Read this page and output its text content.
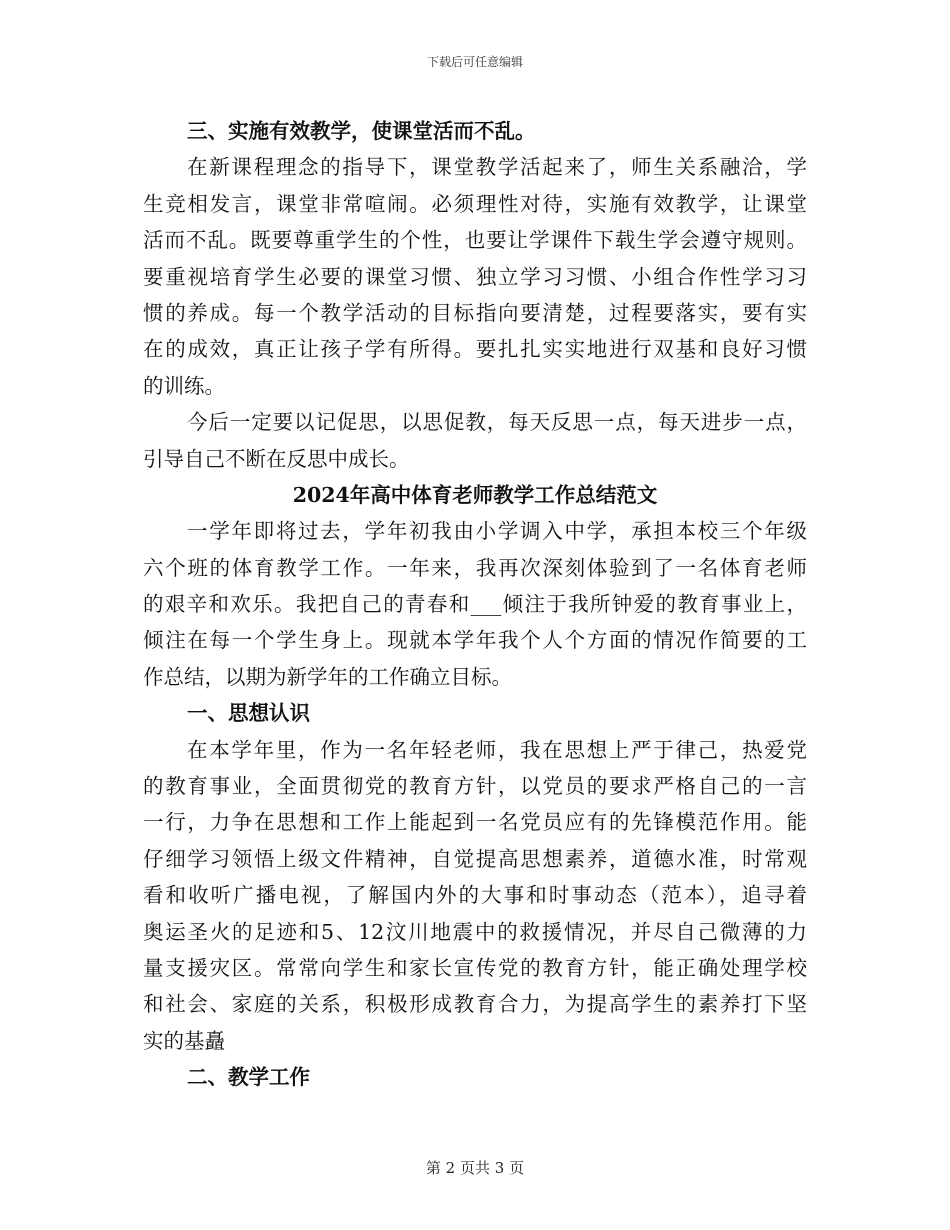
下载后可任意编辑
三、实施有效教学，使课堂活而不乱。
在新课程理念的指导下，课堂教学活起来了，师生关系融洽，学
生竞相发言，课堂非常喧闹。必须理性对待，实施有效教学，让课堂
活而不乱。既要尊重学生的个性，也要让学课件下载生学会遵守规则。
要重视培育学生必要的课堂习惯、独立学习习惯、小组合作性学习习
惯的养成。每一个教学活动的目标指向要清楚，过程要落实，要有实
在的成效，真正让孩子学有所得。要扎扎实实地进行双基和良好习惯
的训练。
今后一定要以记促思，以思促教，每天反思一点，每天进步一点，
引导自己不断在反思中成长。
2024年高中体育老师教学工作总结范文
一学年即将过去，学年初我由小学调入中学，承担本校三个年级
六个班的体育教学工作。一年来，我再次深刻体验到了一名体育老师
的艰辛和欢乐。我把自己的青春和___倾注于我所钟爱的教育事业上，
倾注在每一个学生身上。现就本学年我个人个方面的情况作简要的工
作总结，以期为新学年的工作确立目标。
一、思想认识
在本学年里，作为一名年轻老师，我在思想上严于律己，热爱党
的教育事业，全面贯彻党的教育方针，以党员的要求严格自己的一言
一行，力争在思想和工作上能起到一名党员应有的先锋模范作用。能
仔细学习领悟上级文件精神，自觉提高思想素养，道德水准，时常观
看和收听广播电视，了解国内外的大事和时事动态（范本），追寻着
奥运圣火的足迹和5、12汶川地震中的救援情况，并尽自己微薄的力
量支援灾区。常常向学生和家长宣传党的教育方针，能正确处理学校
和社会、家庭的关系，积极形成教育合力，为提高学生的素养打下坚
实的基矗
二、教学工作
第 2 页共 3 页
